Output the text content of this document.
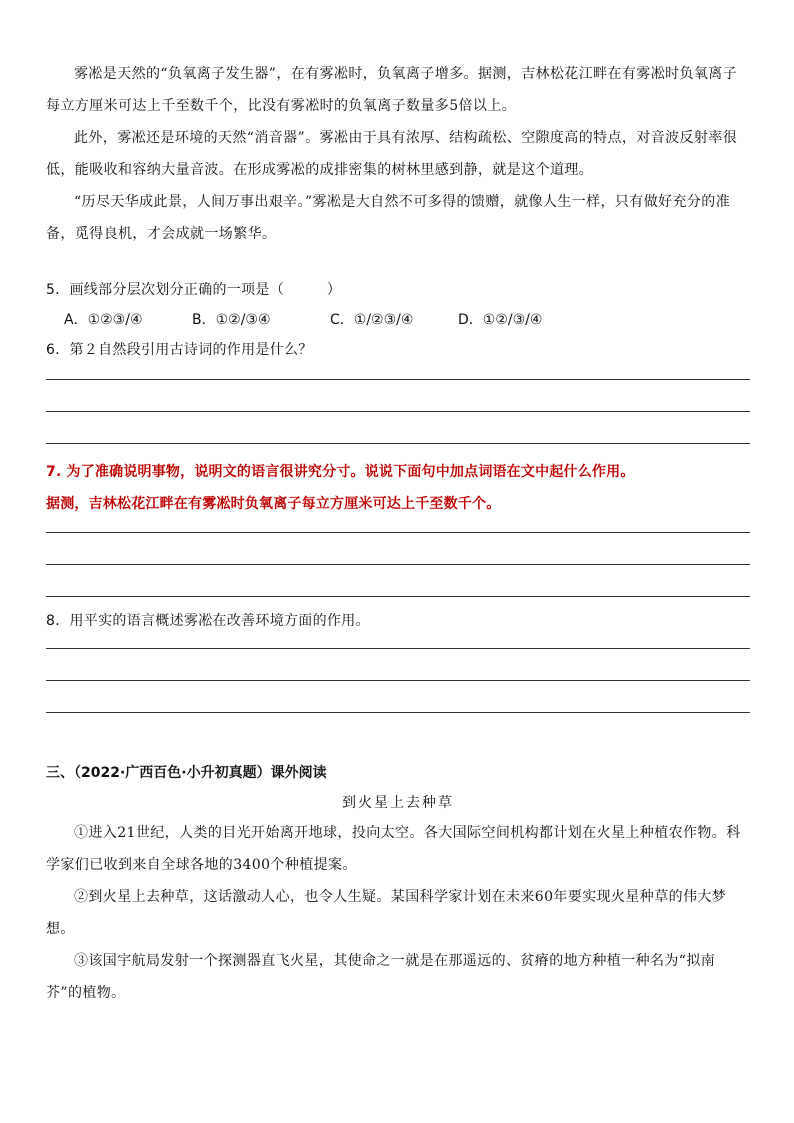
雾凇是天然的“负氧离子发生器”，在有雾凇时，负氧离子增多。据测，吉林松花江畔在有雾凇时负氧离子每立方厘米可达上千至数千个，比没有雾凇时的负氧离子数量多5倍以上。

此外，雾凇还是环境的天然“消音器”。雾凇由于具有浓厚、结构疏松、空隙度高的特点，对音波反射率很低，能吸收和容纳大量音波。在形成雾凇的成排密集的树林里感到静，就是这个道理。

“历尽天华成此景，人间万事出艰辛。”雾凇是大自然不可多得的馈赠，就像人生一样，只有做好充分的准备，觅得良机，才会成就一场繁华。

5．画线部分层次划分正确的一项是（　　　）

A．①②③/④	B．①②/③④	C．①/②③/④	D．①②/③/④

6．第２自然段引用古诗词的作用是什么？

7. 为了准确说明事物，说明文的语言很讲究分寸。说说下面句中加点词语在文中起什么作用。

据测，吉林松花江畔在有雾凇时负氧离子每立方厘米可达上千至数千个。

8．用平实的语言概述雾凇在改善环境方面的作用。

三、（2022·广西百色·小升初真题）课外阅读

到火星上去种草

①进入21世纪，人类的目光开始离开地球，投向太空。各大国际空间机构都计划在火星上种植农作物。科学家们已收到来自全球各地的3400个种植提案。

②到火星上去种草，这话激动人心，也令人生疑。某国科学家计划在未来60年要实现火星种草的伟大梦想。

③该国宇航局发射一个探测器直飞火星，其使命之一就是在那遥远的、贫瘠的地方种植一种名为“拟南芥”的植物。
